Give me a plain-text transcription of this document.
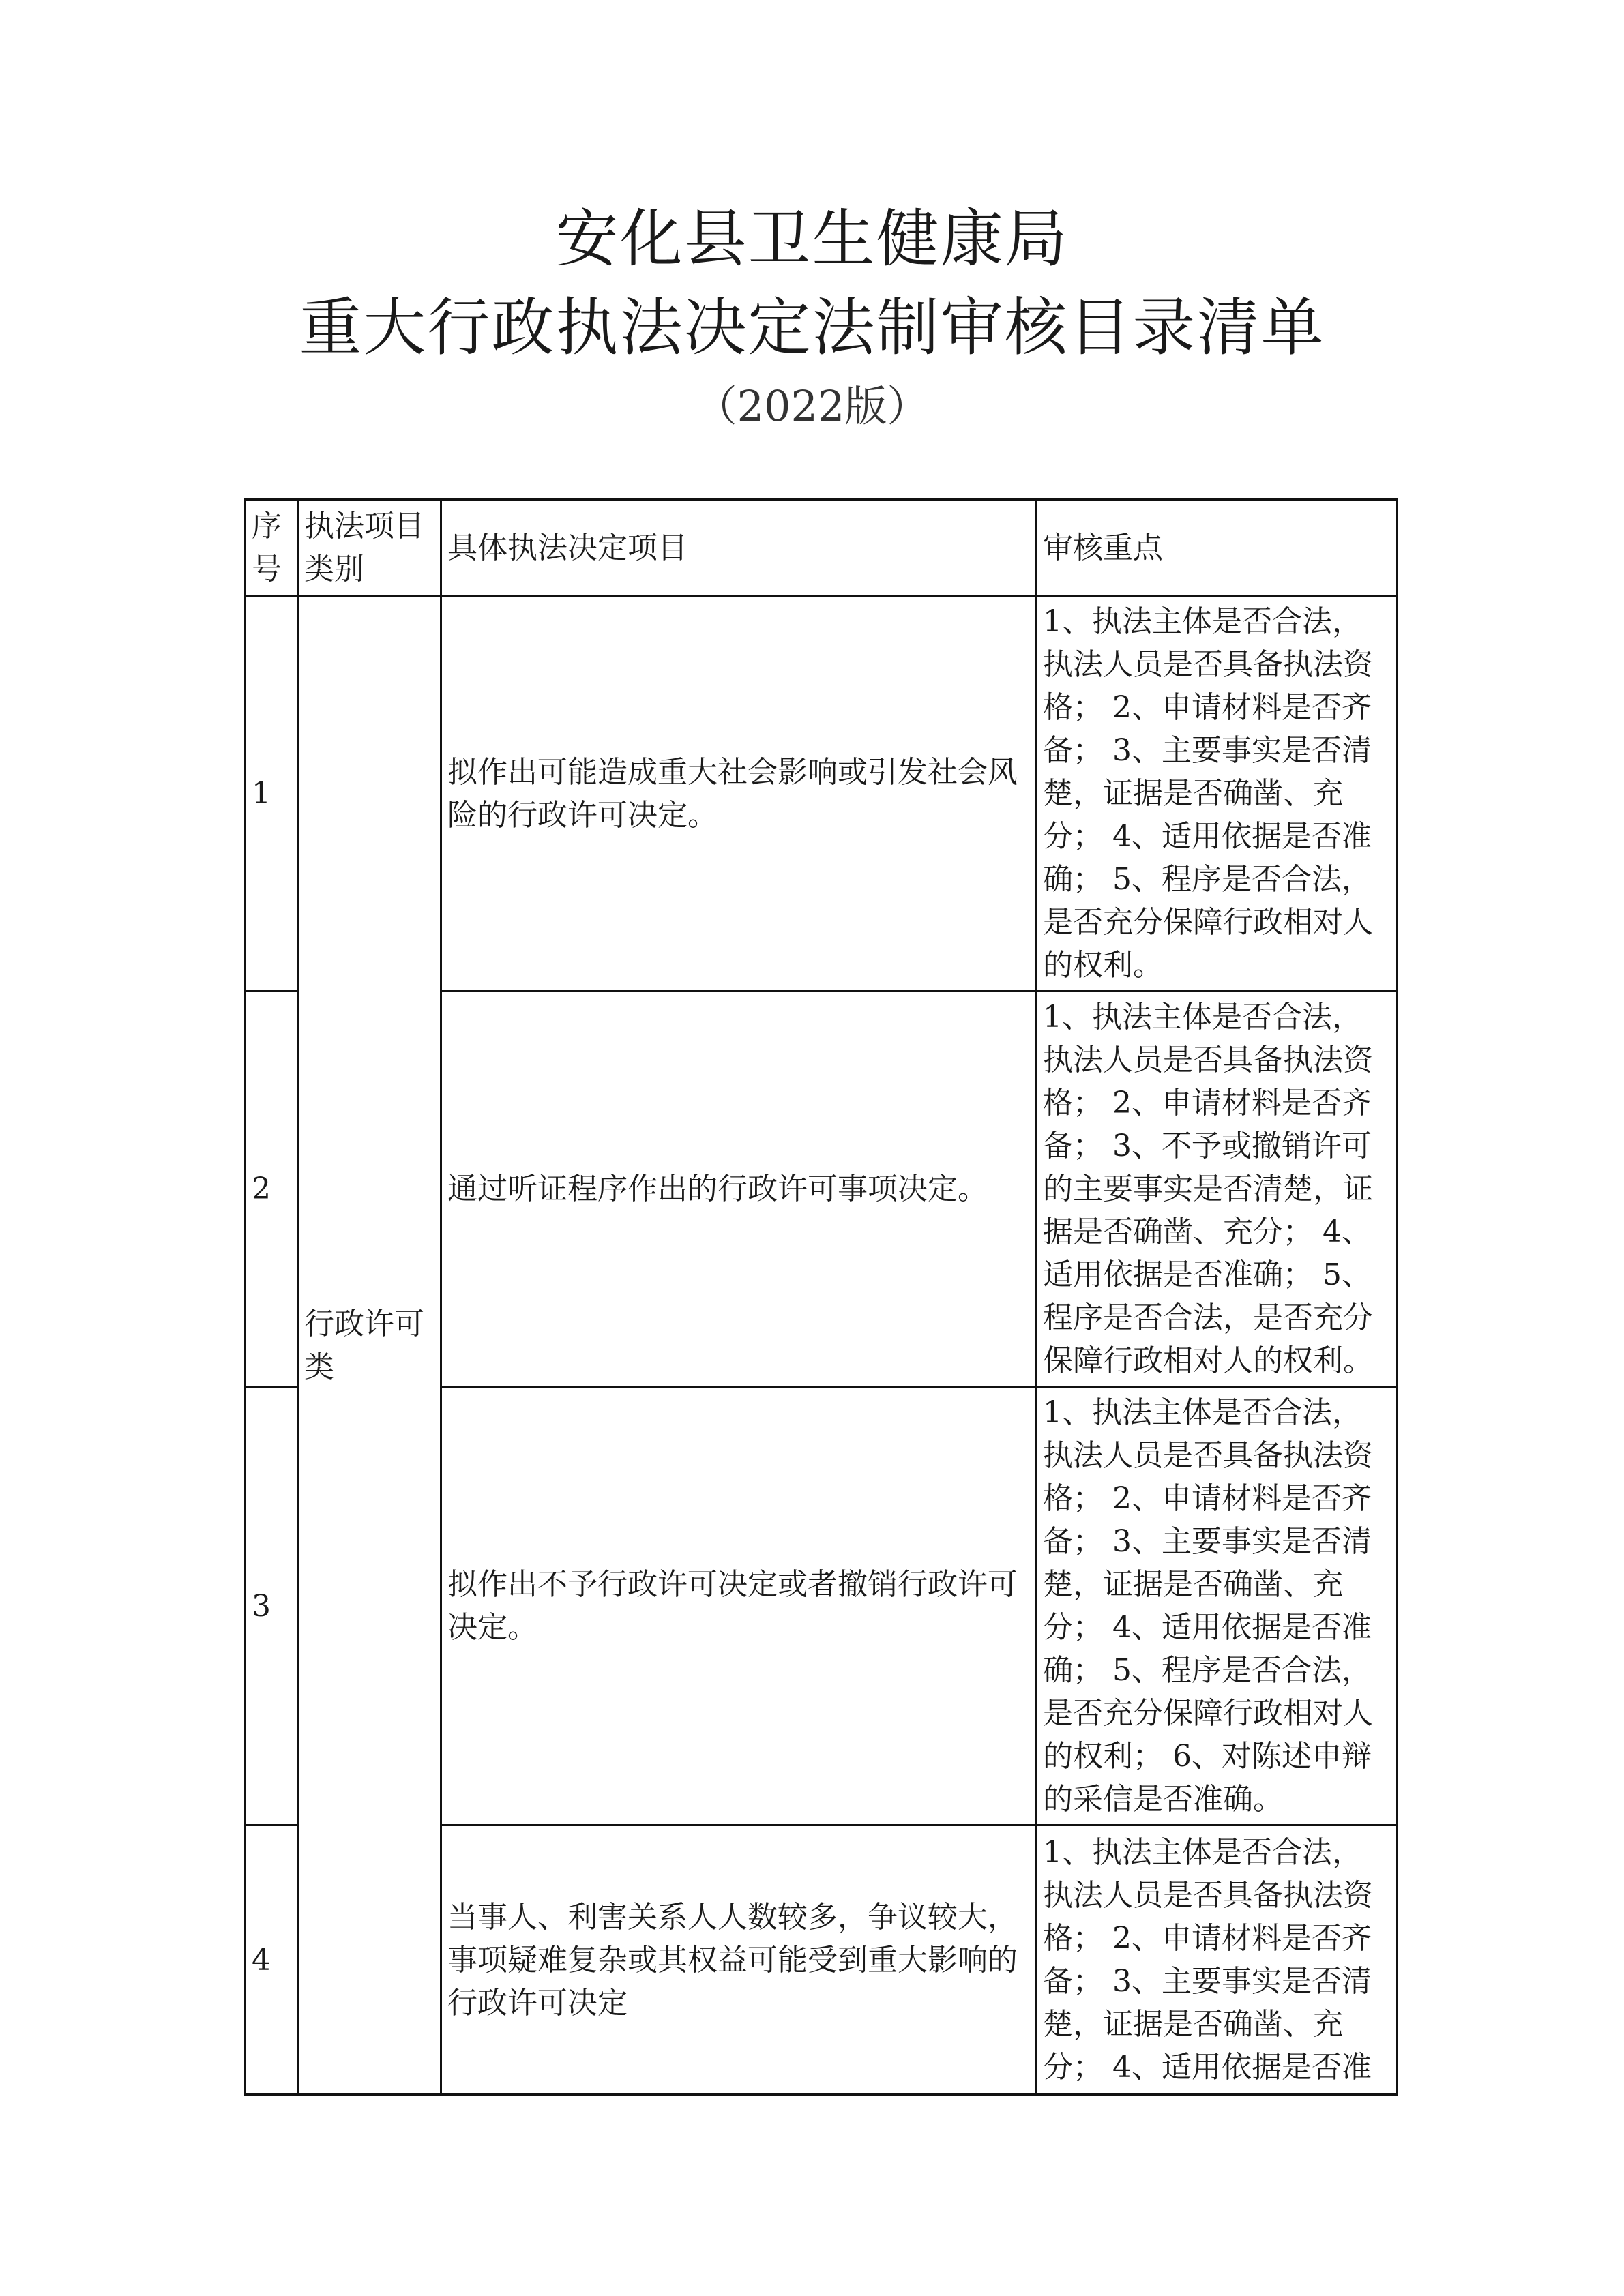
安化县卫生健康局
重大行政执法决定法制审核目录清单
（2022版）
序号	执法项目类别	具体执法决定项目	审核重点
1	行政许可类	拟作出可能造成重大社会影响或引发社会风险的行政许可决定。	1、执法主体是否合法，执法人员是否具备执法资格； 2、申请材料是否齐备； 3、主要事实是否清楚，证据是否确凿、充分； 4、适用依据是否准确； 5、程序是否合法，是否充分保障行政相对人的权利。
2		通过听证程序作出的行政许可事项决定。	1、执法主体是否合法，执法人员是否具备执法资格； 2、申请材料是否齐备； 3、不予或撤销许可的主要事实是否清楚，证据是否确凿、充分； 4、适用依据是否准确； 5、程序是否合法，是否充分保障行政相对人的权利。
3		拟作出不予行政许可决定或者撤销行政许可决定。	1、执法主体是否合法，执法人员是否具备执法资格； 2、申请材料是否齐备； 3、主要事实是否清楚，证据是否确凿、充分； 4、适用依据是否准确； 5、程序是否合法，是否充分保障行政相对人的权利； 6、对陈述申辩的采信是否准确。
4		当事人、利害关系人人数较多，争议较大，事项疑难复杂或其权益可能受到重大影响的行政许可决定	1、执法主体是否合法，执法人员是否具备执法资格； 2、申请材料是否齐备； 3、主要事实是否清楚，证据是否确凿、充分； 4、适用依据是否准
